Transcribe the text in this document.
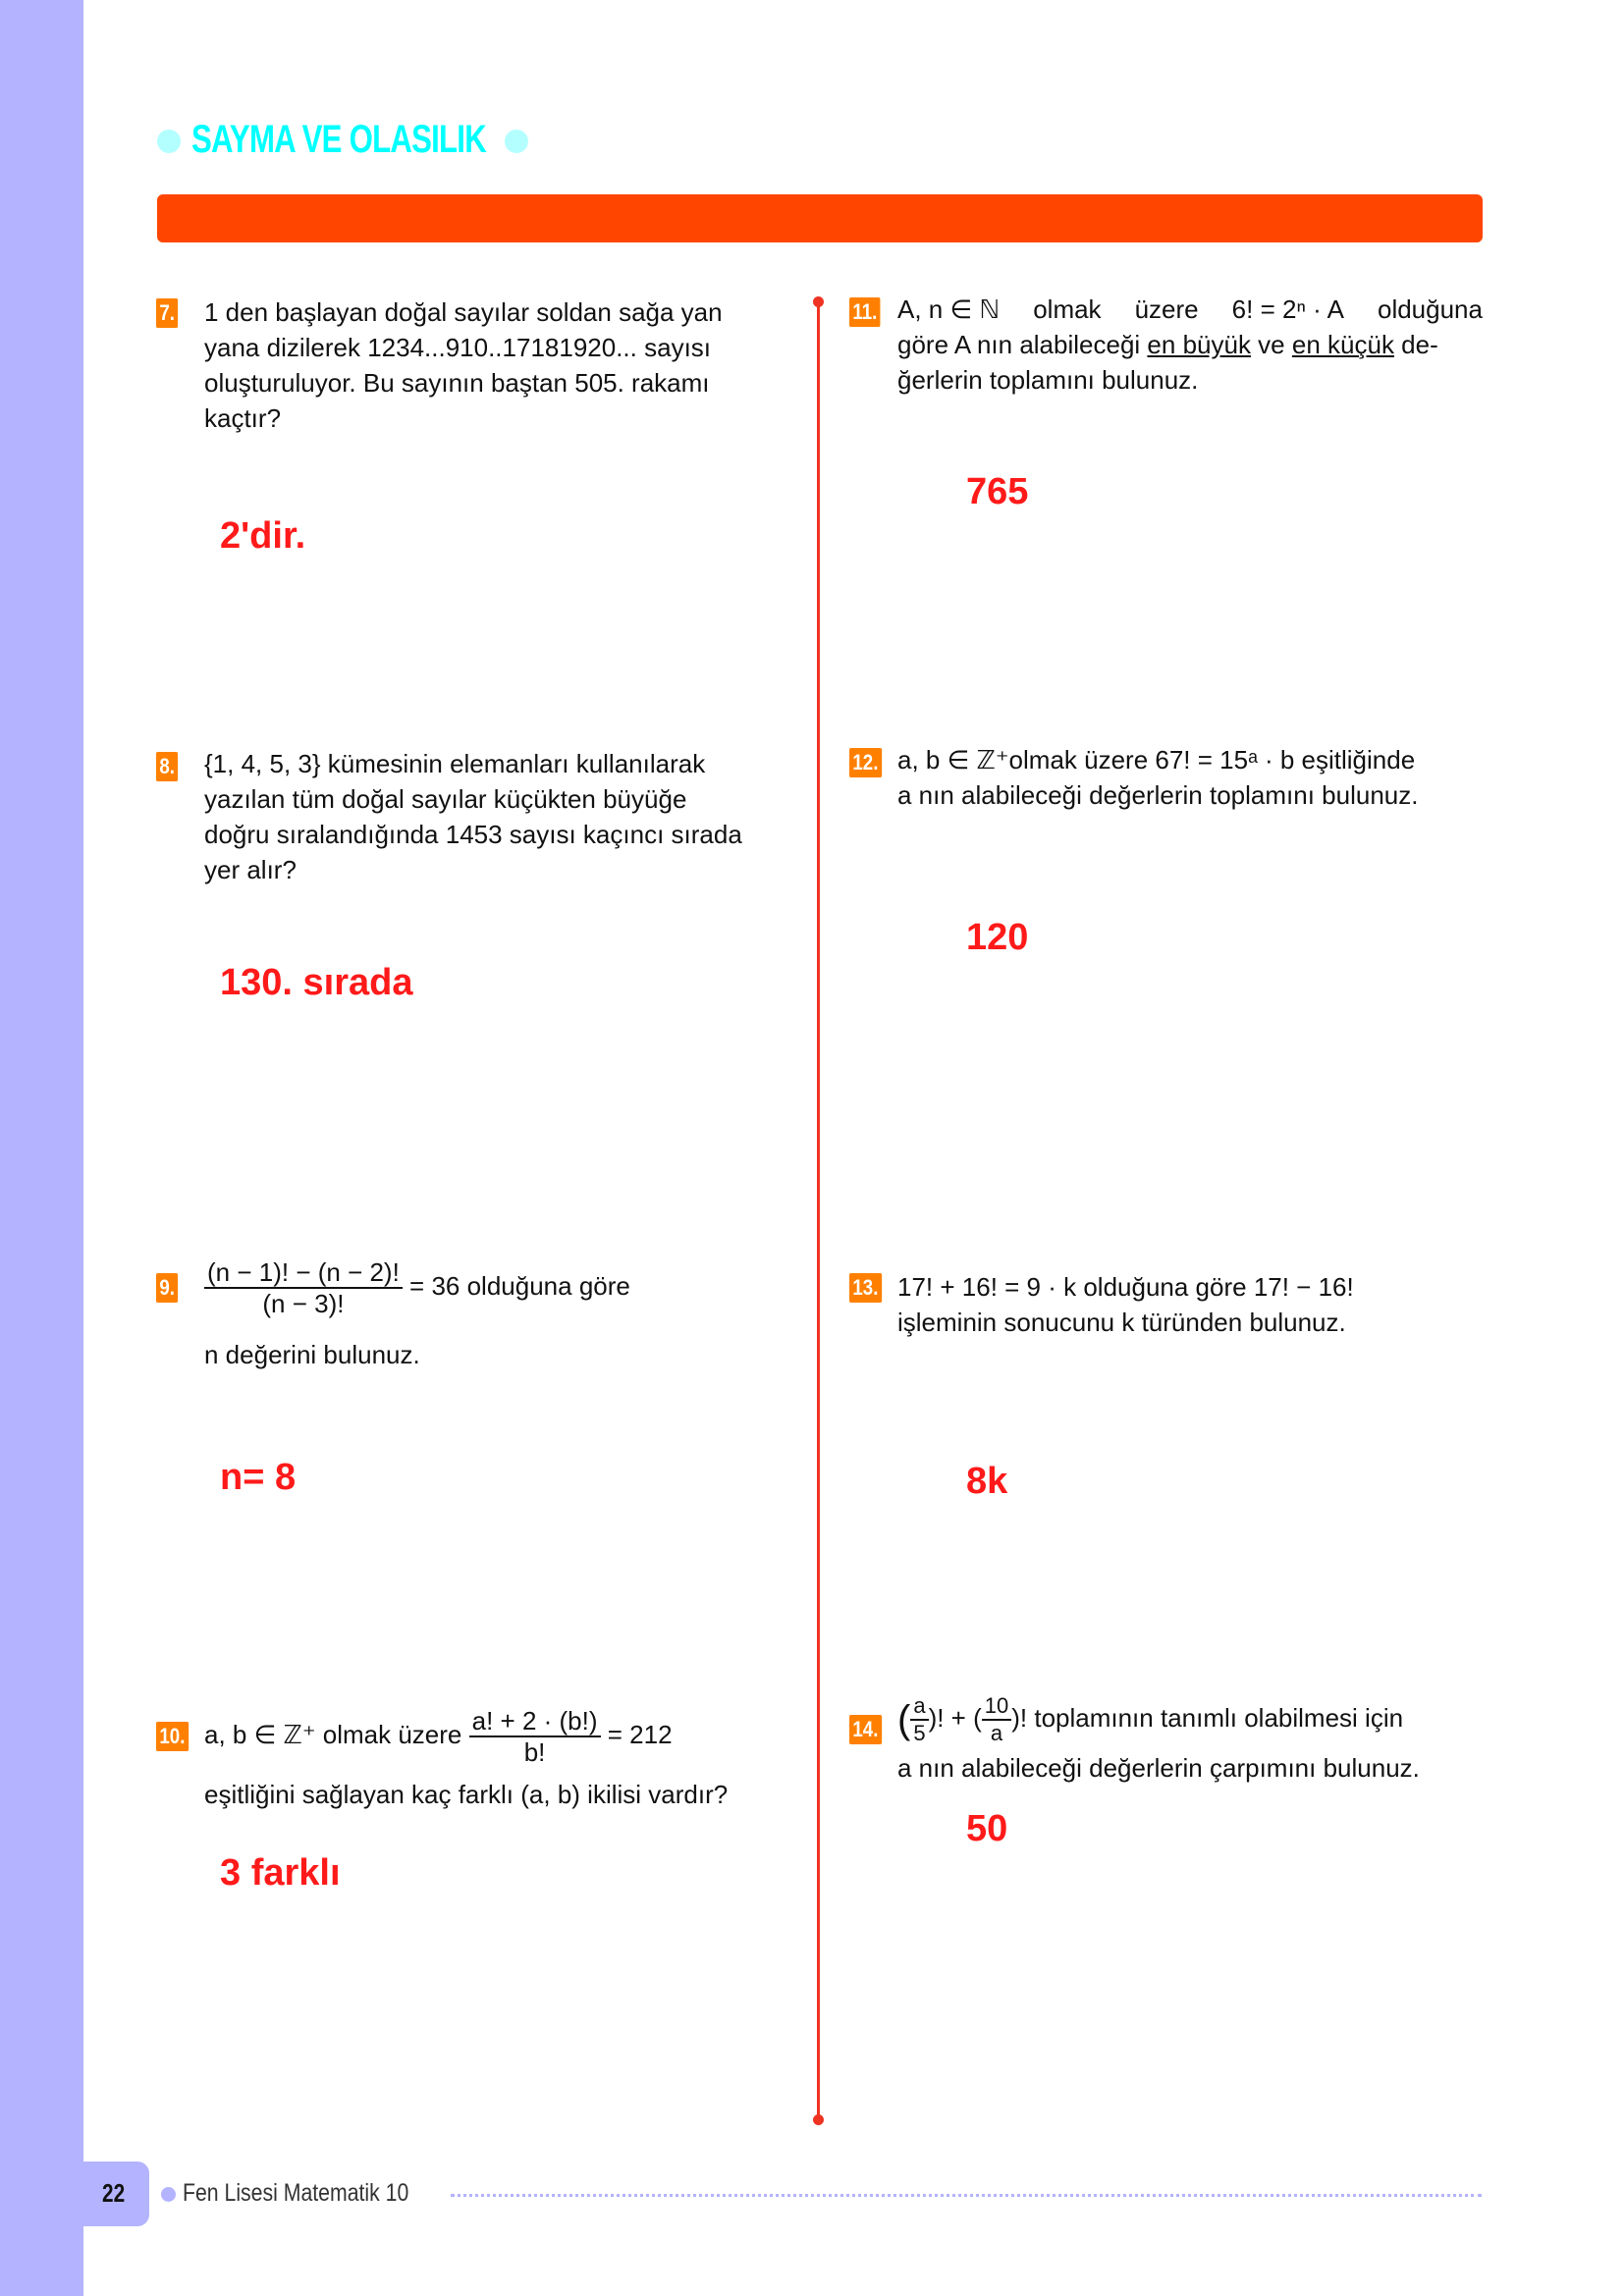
SAYMA VE OLASILIK
7. 1 den başlayan doğal sayılar soldan sağa yan
yana dizilerek 1234...910..17181920... sayısı
oluşturuluyor. Bu sayının baştan 505. rakamı
kaçtır?
2'dir.
8. {1, 4, 5, 3} kümesinin elemanları kullanılarak
yazılan tüm doğal sayılar küçükten büyüğe
doğru sıralandığında 1453 sayısı kaçıncı sırada
yer alır?
130. sırada
9. $\frac{(n - 1)! - (n - 2)!}{(n - 3)!} = 36$ olduğuna göre
n değerini bulunuz.
n= 8
10. a, b ∈ ℤ⁺ olmak üzere $\frac{a! + 2 \cdot (b!)}{b!} = 212$
eşitliğini sağlayan kaç farklı (a, b) ikilisi vardır?
3 farklı
11. A, n ∈ ℕ olmak üzere 6! = 2ⁿ · A olduğuna
göre A nın alabileceği en büyük ve en küçük de-
ğerlerin toplamını bulunuz.
765
12. a, b ∈ ℤ⁺olmak üzere 67! = 15ᵃ · b eşitliğinde
a nın alabileceği değerlerin toplamını bulunuz.
120
13. 17! + 16! = 9 · k olduğuna göre 17! − 16!
işleminin sonucunu k türünden bulunuz.
8k
14. ( $\frac{a}{5}$ )! + ( $\frac{10}{a}$ )! toplamının tanımlı olabilmesi için
a nın alabileceği değerlerin çarpımını bulunuz.
50
22 Fen Lisesi Matematik 10
